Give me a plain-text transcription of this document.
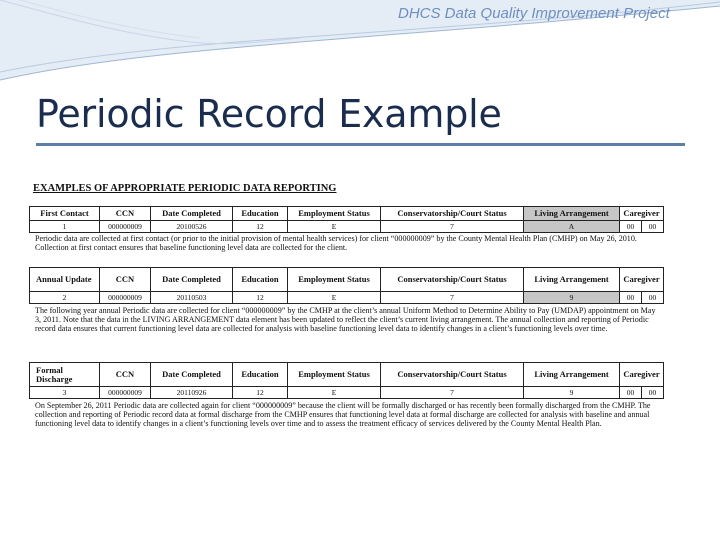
DHCS Data Quality Improvement Project
Periodic Record Example
EXAMPLES OF APPROPRIATE PERIODIC DATA REPORTING
First Contact	CCN	Date Completed	Education	Employment Status	Conservatorship/Court Status	Living Arrangement	Caregiver	
1	000000009	20100526	12	E	7	A	00	00
Periodic data are collected at first contact (or prior to the initial provision of mental health services) for client “000000009” by the County Mental Health Plan (CMHP) on May 26, 2010. Collection at first contact ensures that baseline functioning level data are collected for the client.
Annual Update	CCN	Date Completed	Education	Employment Status	Conservatorship/Court Status	Living Arrangement	Caregiver	
2	000000009	20110503	12	E	7	9	00	00
The following year annual Periodic data are collected for client “000000009” by the CMHP at the client’s annual Uniform Method to Determine Ability to Pay (UMDAP) appointment on May 3, 2011. Note that the data in the LIVING ARRANGEMENT data element has been updated to reflect the client’s current living arrangement. The annual collection and reporting of Periodic record data ensures that current functioning level data are collected for analysis with baseline functioning level data to identify changes in a client’s functioning levels over time.
Formal Discharge	CCN	Date Completed	Education	Employment Status	Conservatorship/Court Status	Living Arrangement	Caregiver	
3	000000009	20110926	12	E	7	9	00	00
On September 26, 2011 Periodic data are collected again for client “000000009” because the client will be formally discharged or has recently been formally discharged from the CMHP. The collection and reporting of Periodic record data at formal discharge from the CMHP ensures that functioning level data at formal discharge are collected for analysis with baseline and annual functioning level data to identify changes in a client’s functioning levels over time and to assess the treatment efficacy of services delivered by the County Mental Health Plan.
